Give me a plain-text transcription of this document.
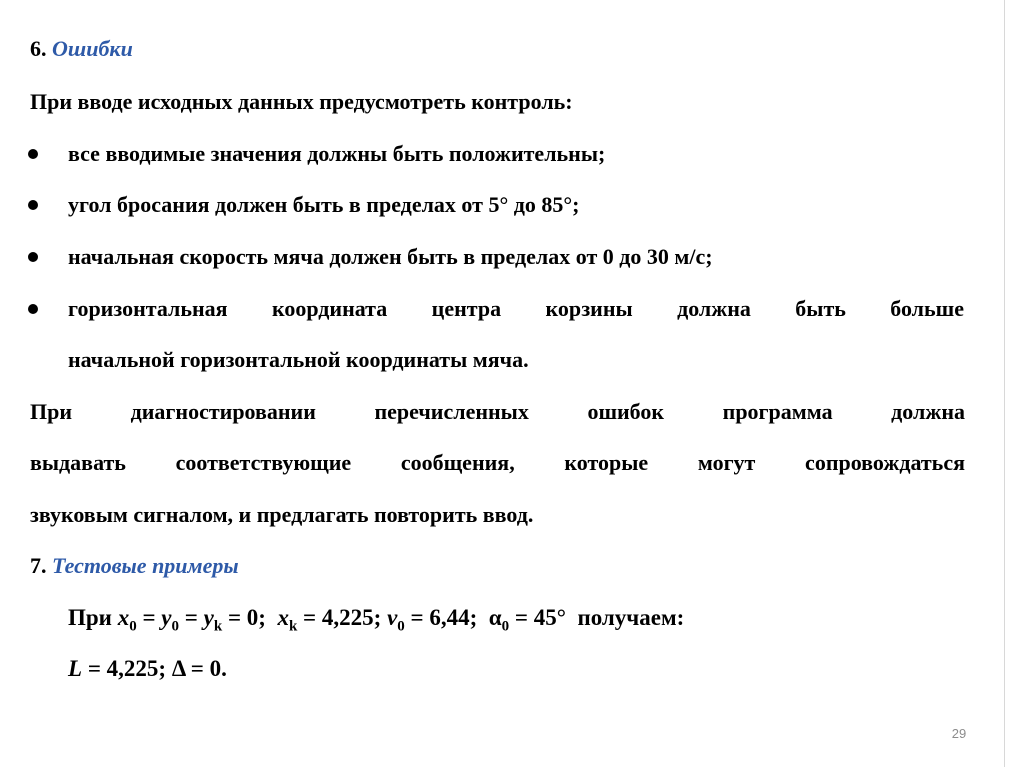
6. Ошибки
При вводе исходных данных предусмотреть контроль:
все вводимые значения должны быть положительны;
угол бросания должен быть в пределах от 5° до 85°;
начальная скорость мяча должен быть в пределах от 0 до 30 м/с;
горизонтальная координата центра корзины должна быть больше
начальной горизонтальной координаты мяча.
При диагностировании перечисленных ошибок программа должна
выдавать соответствующие сообщения, которые могут сопровождаться
звуковым сигналом, и предлагать повторить ввод.
7. Тестовые примеры
При $x_0 = y_0 = y_k = 0$;  $x_k = 4,225$; $v_0 = 6,44$;  $\alpha_0 = 45^\circ$  получаем:
L = 4,225; Δ = 0.
29
